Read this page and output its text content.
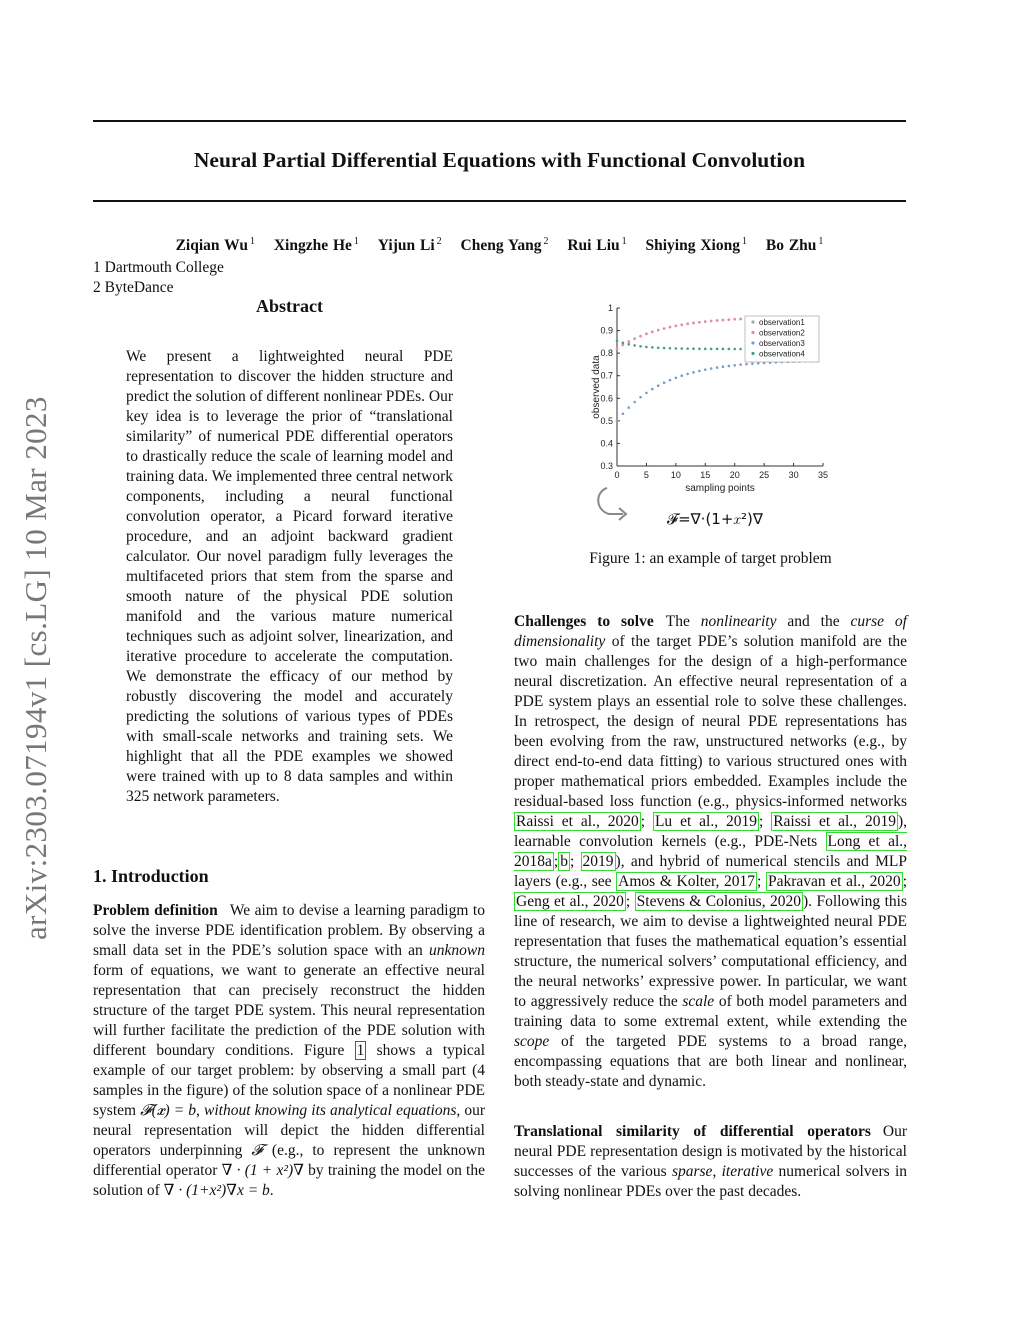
Neural Partial Differential Equations with Functional Convolution
Ziqian Wu $^1$ Xingzhe He $^1$ Yijun Li $^2$ Cheng Yang $^2$ Rui Liu $^1$ Shiying Xiong $^1$ Bo Zhu $^1$
1 Dartmouth College
2 ByteDance
arXiv:2303.07194v1 [cs.LG] 10 Mar 2023
Abstract
We present a lightweighted neural PDE representation to discover the hidden structure and predict the solution of different nonlinear PDEs. Our key idea is to leverage the prior of “translational similarity” of numerical PDE differential operators to drastically reduce the scale of learning model and training data. We implemented three central network components, including a neural functional convolution operator, a Picard forward iterative procedure, and an adjoint backward gradient calculator. Our novel paradigm fully leverages the multifaceted priors that stem from the sparse and smooth nature of the physical PDE solution manifold and the various mature numerical techniques such as adjoint solver, linearization, and iterative procedure to accelerate the computation. We demonstrate the efficacy of our method by robustly discovering the model and accurately predicting the solutions of various types of PDEs with small-scale networks and training sets. We highlight that all the PDE examples we showed were trained with up to 8 data samples and within 325 network parameters.
1. Introduction
Problem definition We aim to devise a learning paradigm to solve the inverse PDE identification problem. By observing a small data set in the PDE’s solution space with an unknown form of equations, we want to generate an effective neural representation that can precisely reconstruct the hidden structure of the target PDE system. This neural representation will further facilitate the prediction of the PDE solution with different boundary conditions. Figure 1 shows a typical example of our target problem: by observing a small part (4 samples in the figure) of the solution space of a nonlinear PDE system 𝓕(𝒙) = b, without knowing its analytical equations, our neural representation will depict the hidden differential operators underpinning 𝓕 (e.g., to represent the unknown differential operator ∇ · (1 + x²)∇ by training the model on the solution of ∇ · (1+x²)∇x = b.
0	5 10 15 20 25 30 35
0.3
0.4
0.5
0.6
0.7
0.8
0.9
1
sampling points
observed data
observation1
observation2
observation3
observation4
𝓕=∇·(1+𝑥²)∇
Figure 1: an example of target problem
Challenges to solve The nonlinearity and the curse of dimensionality of the target PDE’s solution manifold are the two main challenges for the design of a high-performance neural discretization. An effective neural representation of a PDE system plays an essential role to solve these challenges. In retrospect, the design of neural PDE representations has been evolving from the raw, unstructured networks (e.g., by direct end-to-end data fitting) to various structured ones with proper mathematical priors embedded. Examples include the residual-based loss function (e.g., physics-informed networks Raissi et al., 2020 ; Lu et al., 2019 ; Raissi et al., 2019 ), learnable convolution kernels (e.g., PDE-Nets Long et al., 2018a ; b ; 2019 ), and hybrid of numerical stencils and MLP layers (e.g., see Amos & Kolter, 2017 ; Pakravan et al., 2020 ; Geng et al., 2020 ; Stevens & Colonius, 2020 ). Following this line of research, we aim to devise a lightweighted neural PDE representation that fuses the mathematical equation’s essential structure, the numerical solvers’ computational efficiency, and the neural networks’ expressive power. In particular, we want to aggressively reduce the scale of both model parameters and training data to some extremal extent, while extending the scope of the targeted PDE systems to a broad range, encompassing equations that are both linear and nonlinear, both steady-state and dynamic.
Translational similarity of differential operators Our neural PDE representation design is motivated by the historical successes of the various sparse, iterative numerical solvers in solving nonlinear PDEs over the past decades.
